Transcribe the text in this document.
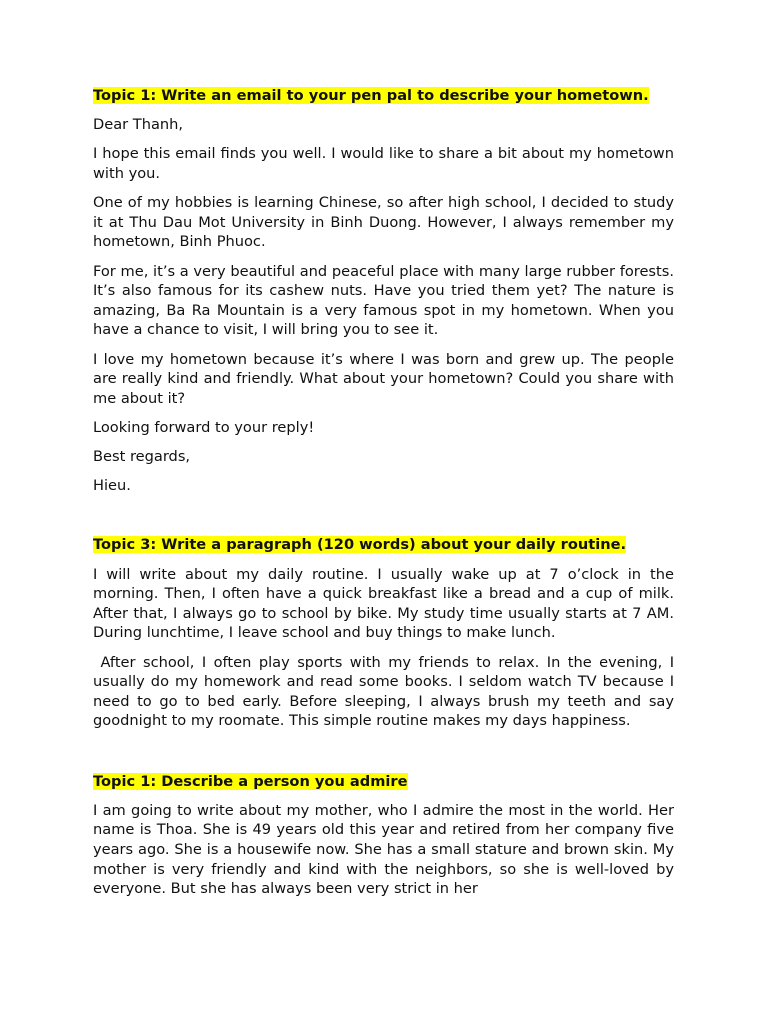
Topic 1: Write an email to your pen pal to describe your hometown.

Dear Thanh,

I hope this email finds you well. I would like to share a bit about my hometown with you.

One of my hobbies is learning Chinese, so after high school, I decided to study it at Thu Dau Mot University in Binh Duong. However, I always remember my hometown, Binh Phuoc.

For me, it’s a very beautiful and peaceful place with many large rubber forests. It’s also famous for its cashew nuts. Have you tried them yet? The nature is amazing, Ba Ra Mountain is a very famous spot in my hometown. When you have a chance to visit, I will bring you to see it.

I love my hometown because it’s where I was born and grew up. The people are really kind and friendly. What about your hometown? Could you share with me about it?

Looking forward to your reply!

Best regards,

Hieu.

Topic 3: Write a paragraph (120 words) about your daily routine.

I will write about my daily routine. I usually wake up at 7 o’clock in the morning. Then, I often have a quick breakfast like a bread and a cup of milk. After that, I always go to school by bike. My study time usually starts at 7 AM. During lunchtime, I leave school and buy things to make lunch.

After school, I often play sports with my friends to relax. In the evening, I usually do my homework and read some books. I seldom watch TV because I need to go to bed early. Before sleeping, I always brush my teeth and say goodnight to my roomate. This simple routine makes my days happiness.

Topic 1: Describe a person you admire

I am going to write about my mother, who I admire the most in the world. Her name is Thoa. She is 49 years old this year and retired from her company five years ago. She is a housewife now. She has a small stature and brown skin. My mother is very friendly and kind with the neighbors, so she is well-loved by everyone. But she has always been very strict in her
